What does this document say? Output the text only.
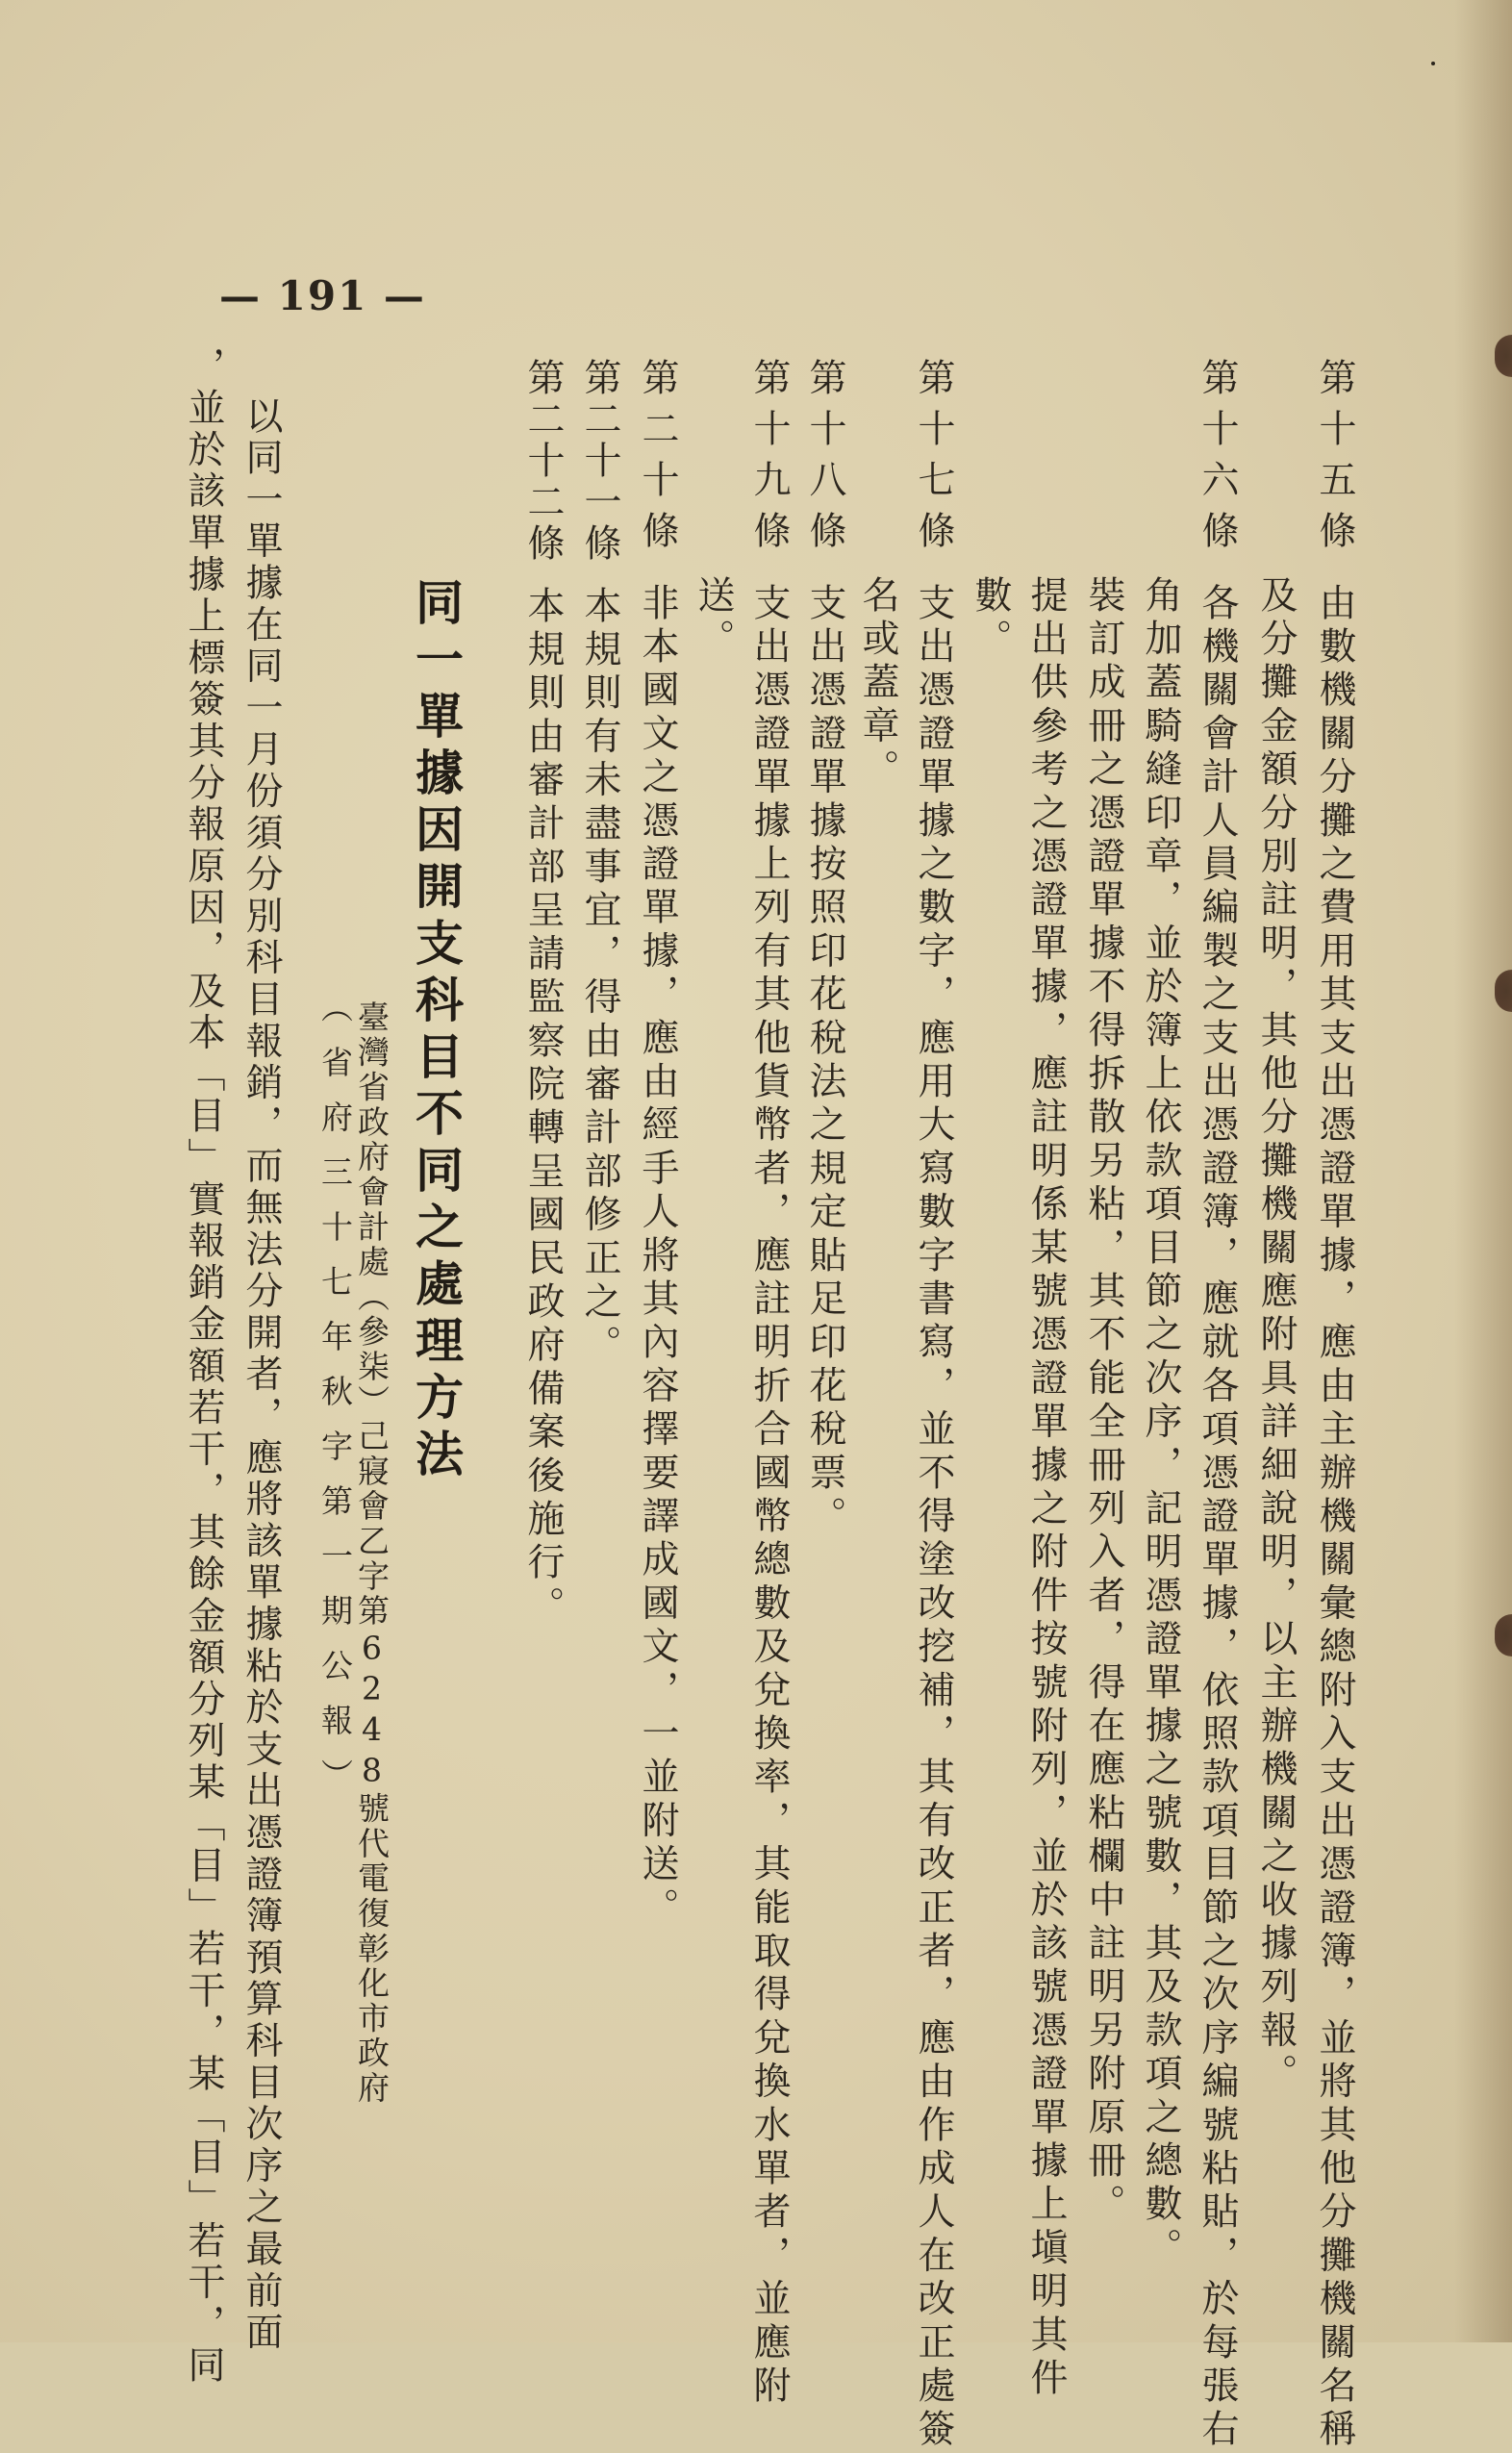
第十五條由數機關分攤之費用其支出憑證單據，應由主辦機關彙總附入支出憑證簿，並將其他分攤機關名稱
及分攤金額分別註明，其他分攤機關應附具詳細說明，以主辦機關之收據列報。
第十六條各機關會計人員編製之支出憑證簿，應就各項憑證單據，依照款項目節之次序編號粘貼，於每張右
角加蓋騎縫印章，並於簿上依款項目節之次序，記明憑證單據之號數，其及款項之總數。
裝訂成冊之憑證單據不得拆散另粘，其不能全冊列入者，得在應粘欄中註明另附原冊。
提出供參考之憑證單據，應註明係某號憑證單據之附件按號附列，並於該號憑證單據上塡明其件
數。
第十七條支出憑證單據之數字，應用大寫數字書寫，並不得塗改挖補，其有改正者，應由作成人在改正處簽
名或蓋章。
第十八條支出憑證單據按照印花稅法之規定貼足印花稅票。
第十九條支出憑證單據上列有其他貨幣者，應註明折合國幣總數及兌換率，其能取得兌換水單者，並應附
送。
第二十條非本國文之憑證單據，應由經手人將其內容擇要譯成國文，一並附送。
第二十一條本規則有未盡事宜，得由審計部修正之。
第二十二條本規則由審計部呈請監察院轉呈國民政府備案後施行。
同一單據因開支科目不同之處理方法
臺灣省政府會計處（參柒）己寢會乙字第6248號代電復彰化市政府
（省府三十七年秋字第一期公報）
以同一單據在同一月份須分別科目報銷，而無法分開者，應將該單據粘於支出憑證簿預算科目次序之最前面
，並於該單據上標簽其分報原因，及本「目」實報銷金額若干，其餘金額分列某「目」若干，某「目」若干，同
— 191 —
